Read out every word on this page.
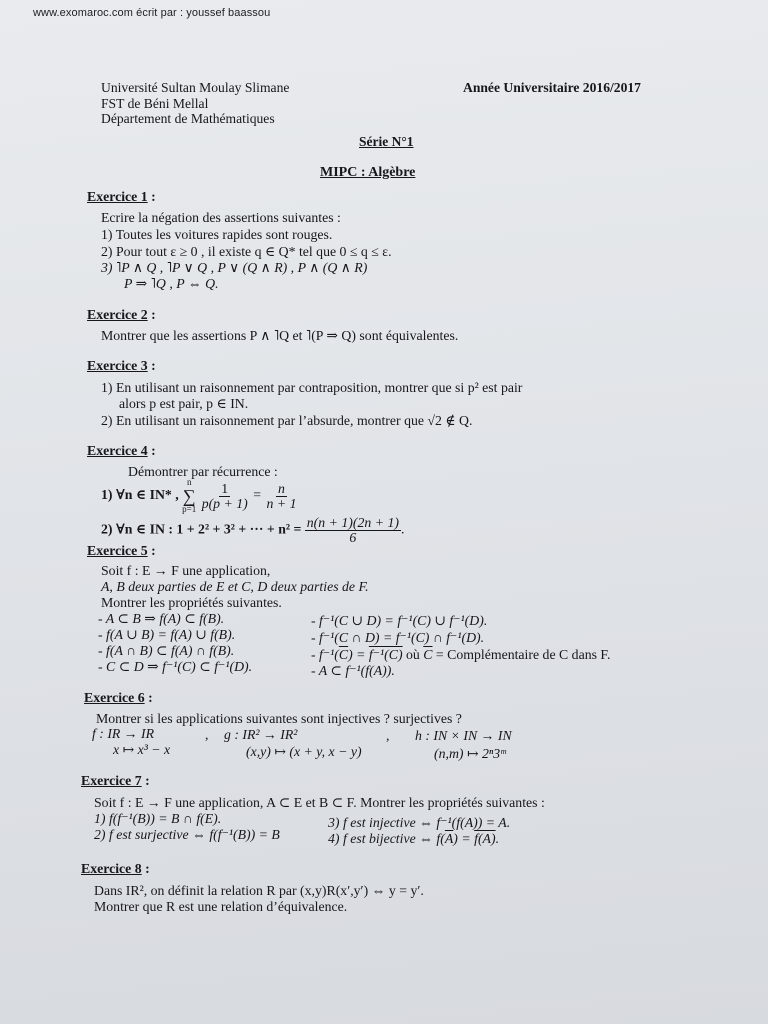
www.exomaroc.com écrit par : youssef baassou
Université Sultan Moulay Slimane
FST de Béni Mellal
Département de Mathématiques
Année Universitaire 2016/2017
Série N°1
MIPC : Algèbre
Exercice 1 :
Ecrire la négation des assertions suivantes :
1) Toutes les voitures rapides sont rouges.
2) Pour tout ε ≥ 0 , il existe q ∈ Q* tel que 0 ≤ q ≤ ε.
3) ˥P ∧ Q , ˥P ∨ Q , P ∨ (Q ∧ R) , P ∧ (Q ∧ R)
P ⇒ ˥Q , P ⇔ Q.
Exercice 2 :
Montrer que les assertions P ∧ ˥Q et ˥(P ⇒ Q) sont équivalentes.
Exercice 3 :
1) En utilisant un raisonnement par contraposition, montrer que si p² est pair
alors p est pair, p ∈ IN.
2) En utilisant un raisonnement par l’absurde, montrer que √2 ∉ Q.
Exercice 4 :
Démontrer par récurrence :
1) ∀n ∈ IN* ,
n
∑
p=1
$\frac{1}{p(p + 1)} = \frac{n}{n + 1}$
2) ∀n ∈ IN : 1 + 2² + 3² + ··· + $n^2 = \frac{n(n + 1)(2n + 1)}{6}$ .
Exercice 5 :
Soit f : E → F une application,
A, B deux parties de E et C, D deux parties de F.
Montrer les propriétés suivantes.
- A ⊂ B ⇒ f(A) ⊂ f(B).
- f(A ∪ B) = f(A) ∪ f(B).
- f(A ∩ B) ⊂ f(A) ∩ f(B).
- C ⊂ D ⇒ f⁻¹(C) ⊂ f⁻¹(D).
- f⁻¹(C ∪ D) = f⁻¹(C) ∪ f⁻¹(D).
- f⁻¹(C ∩ D) = f⁻¹(C) ∩ f⁻¹(D).
- $f^{-1}(\overline{C}) = f^{-1}(C)$ où $\overline{C}$ = Complémentaire de C dans F.
- A ⊂ f⁻¹(f(A)).
Exercice 6 :
Montrer si les applications suivantes sont injectives ? surjectives ?
f : IR → IR
x ↦ x³ − x
, g : IR² → IR²
(x,y) ↦ (x + y, x − y)
, h : IN × IN → IN
(n,m) ↦ 2ⁿ3ᵐ
Exercice 7 :
Soit f : E → F une application, A ⊂ E et B ⊂ F. Montrer les propriétés suivantes :
1) f(f⁻¹(B)) = B ∩ f(E).
2) f est surjective ⇔ f(f⁻¹(B)) = B
3) f est injective ⇔ f⁻¹(f(A)) = A.
4) f est bijective ⇔ $f(\overline{A}) = f(A)$.
Exercice 8 :
Dans IR², on définit la relation R par (x,y)R(x′,y′) ⇔ y = y′.
Montrer que R est une relation d’équivalence.
